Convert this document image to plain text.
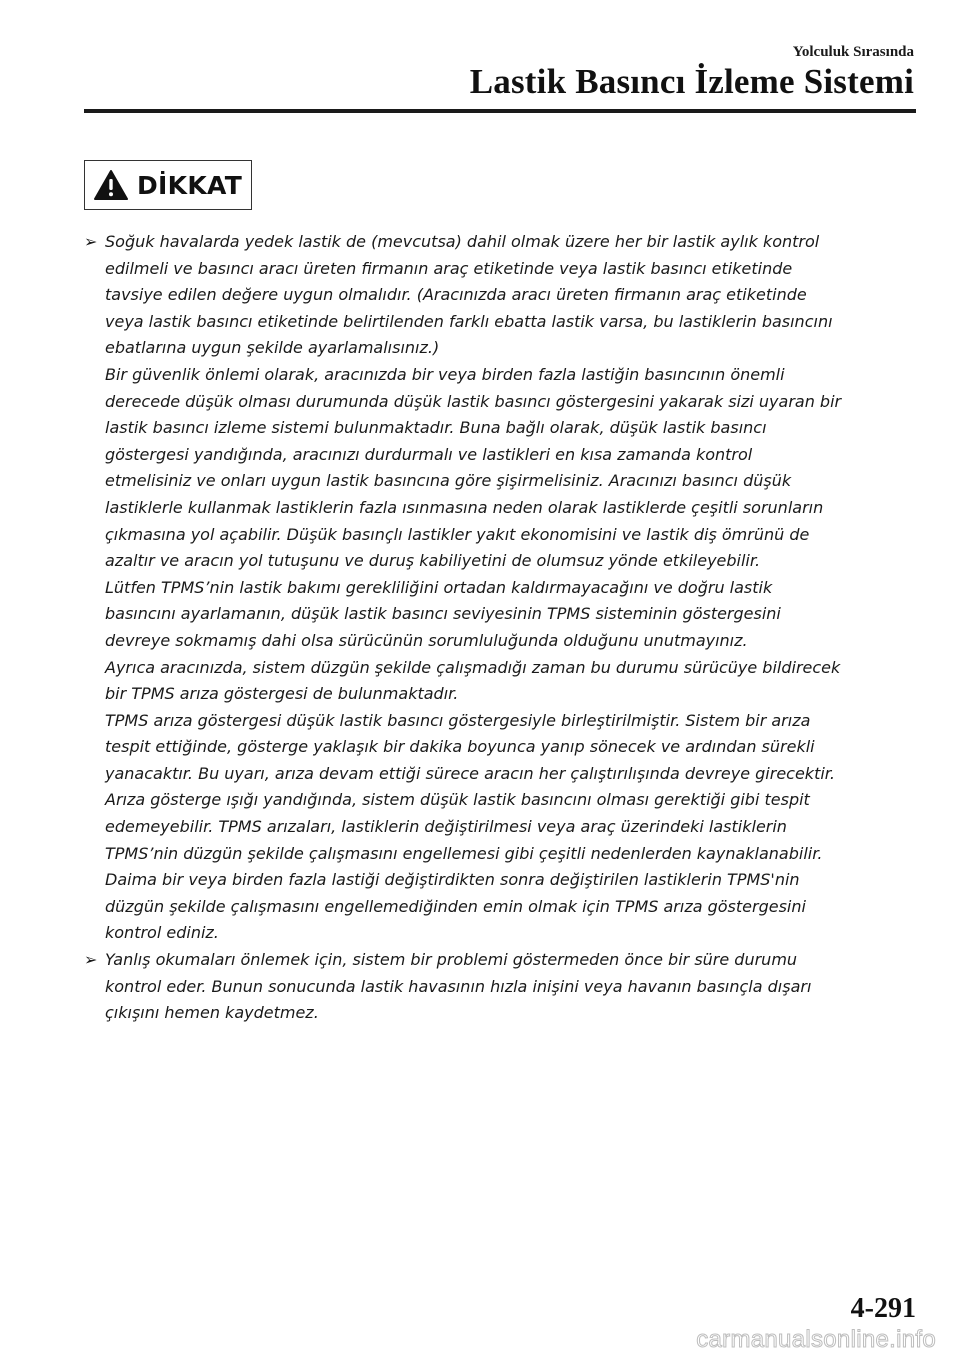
Yolculuk Sırasında
Lastik Basıncı İzleme Sistemi
DİKKAT
➢ Soğuk havalarda yedek lastik de (mevcutsa) dahil olmak üzere her bir lastik aylık kontrol
edilmeli ve basıncı aracı üreten firmanın araç etiketinde veya lastik basıncı etiketinde
tavsiye edilen değere uygun olmalıdır. (Aracınızda aracı üreten firmanın araç etiketinde
veya lastik basıncı etiketinde belirtilenden farklı ebatta lastik varsa, bu lastiklerin basıncını
ebatlarına uygun şekilde ayarlamalısınız.)
Bir güvenlik önlemi olarak, aracınızda bir veya birden fazla lastiğin basıncının önemli
derecede düşük olması durumunda düşük lastik basıncı göstergesini yakarak sizi uyaran bir
lastik basıncı izleme sistemi bulunmaktadır. Buna bağlı olarak, düşük lastik basıncı
göstergesi yandığında, aracınızı durdurmalı ve lastikleri en kısa zamanda kontrol
etmelisiniz ve onları uygun lastik basıncına göre şişirmelisiniz. Aracınızı basıncı düşük
lastiklerle kullanmak lastiklerin fazla ısınmasına neden olarak lastiklerde çeşitli sorunların
çıkmasına yol açabilir. Düşük basınçlı lastikler yakıt ekonomisini ve lastik diş ömrünü de
azaltır ve aracın yol tutuşunu ve duruş kabiliyetini de olumsuz yönde etkileyebilir.
Lütfen TPMS’nin lastik bakımı gerekliliğini ortadan kaldırmayacağını ve doğru lastik
basıncını ayarlamanın, düşük lastik basıncı seviyesinin TPMS sisteminin göstergesini
devreye sokmamış dahi olsa sürücünün sorumluluğunda olduğunu unutmayınız.
Ayrıca aracınızda, sistem düzgün şekilde çalışmadığı zaman bu durumu sürücüye bildirecek
bir TPMS arıza göstergesi de bulunmaktadır.
TPMS arıza göstergesi düşük lastik basıncı göstergesiyle birleştirilmiştir. Sistem bir arıza
tespit ettiğinde, gösterge yaklaşık bir dakika boyunca yanıp sönecek ve ardından sürekli
yanacaktır. Bu uyarı, arıza devam ettiği sürece aracın her çalıştırılışında devreye girecektir.
Arıza gösterge ışığı yandığında, sistem düşük lastik basıncını olması gerektiği gibi tespit
edemeyebilir. TPMS arızaları, lastiklerin değiştirilmesi veya araç üzerindeki lastiklerin
TPMS’nin düzgün şekilde çalışmasını engellemesi gibi çeşitli nedenlerden kaynaklanabilir.
Daima bir veya birden fazla lastiği değiştirdikten sonra değiştirilen lastiklerin TPMS'nin
düzgün şekilde çalışmasını engellemediğinden emin olmak için TPMS arıza göstergesini
kontrol ediniz.
➢ Yanlış okumaları önlemek için, sistem bir problemi göstermeden önce bir süre durumu
kontrol eder. Bunun sonucunda lastik havasının hızla inişini veya havanın basınçla dışarı
çıkışını hemen kaydetmez.
4-291
carmanualsonline.info
